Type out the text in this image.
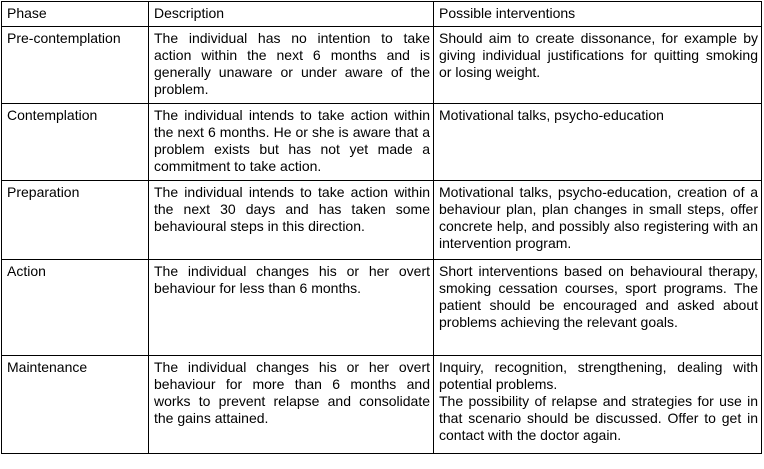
Phase	Description	Possible interventions
Pre-contemplation	The individual has no intention to take action within the next 6 months and is generally unaware or under aware of the problem.	Should aim to create dissonance, for example by giving individual justifications for quitting smoking or losing weight.

Contemplation	The individual intends to take action within the next 6 months. He or she is aware that a problem exists but has not yet made a commitment to take action.	Motivational talks, psycho-education

Preparation	The individual intends to take action within the next 30 days and has taken some behavioural steps in this direction.	Motivational talks, psycho-education, creation of a behaviour plan, plan changes in small steps, offer concrete help, and possibly also registering with an intervention program.

Action	The individual changes his or her overt behaviour for less than 6 months.	Short interventions based on behavioural therapy, smoking cessation courses, sport programs. The patient should be encouraged and asked about problems achieving the relevant goals.

Maintenance	The individual changes his or her overt behaviour for more than 6 months and works to prevent relapse and consolidate the gains attained.	Inquiry, recognition, strengthening, dealing with potential problems.
The possibility of relapse and strategies for use in that scenario should be discussed. Offer to get in contact with the doctor again.
